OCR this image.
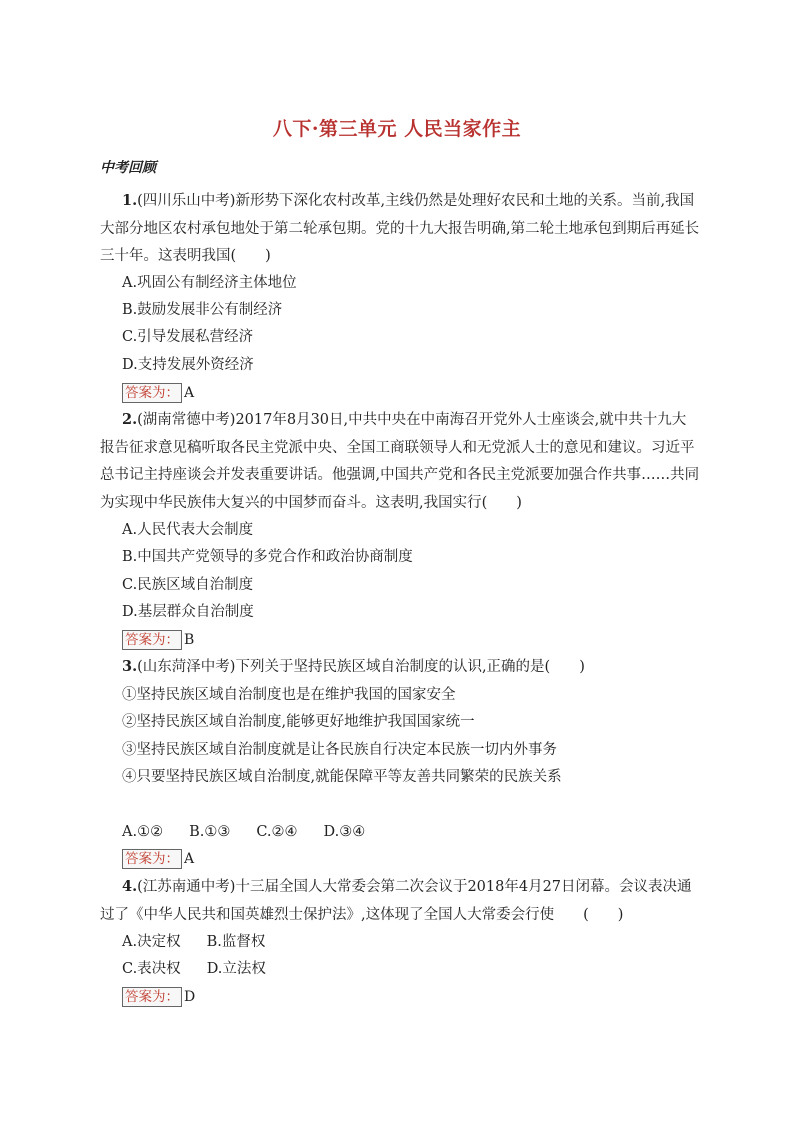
八下·第三单元 人民当家作主
中考回顾

1.(四川乐山中考)新形势下深化农村改革,主线仍然是处理好农民和土地的关系。当前,我国大部分地区农村承包地处于第二轮承包期。党的十九大报告明确,第二轮土地承包到期后再延长三十年。这表明我国(　　)

A.巩固公有制经济主体地位
B.鼓励发展非公有制经济
C.引导发展私营经济
D.支持发展外资经济
答案为： A

2.(湖南常德中考)2017年8月30日,中共中央在中南海召开党外人士座谈会,就中共十九大报告征求意见稿听取各民主党派中央、全国工商联领导人和无党派人士的意见和建议。习近平总书记主持座谈会并发表重要讲话。他强调,中国共产党和各民主党派要加强合作共事……共同为实现中华民族伟大复兴的中国梦而奋斗。这表明,我国实行(　　)

A.人民代表大会制度
B.中国共产党领导的多党合作和政治协商制度
C.民族区域自治制度
D.基层群众自治制度
答案为： B

3.(山东菏泽中考)下列关于坚持民族区域自治制度的认识,正确的是(　　)

①坚持民族区域自治制度也是在维护我国的国家安全
②坚持民族区域自治制度,能够更好地维护我国国家统一
③坚持民族区域自治制度就是让各民族自行决定本民族一切内外事务
④只要坚持民族区域自治制度,就能保障平等友善共同繁荣的民族关系
A.①② B.①③ C.②④ D.③④
答案为： A

4.(江苏南通中考)十三届全国人大常委会第二次会议于2018年4月27日闭幕。会议表决通过了《中华人民共和国英雄烈士保护法》,这体现了全国人大常委会行使　　(　　)

A.决定权 B.监督权
C.表决权 D.立法权
答案为： D
